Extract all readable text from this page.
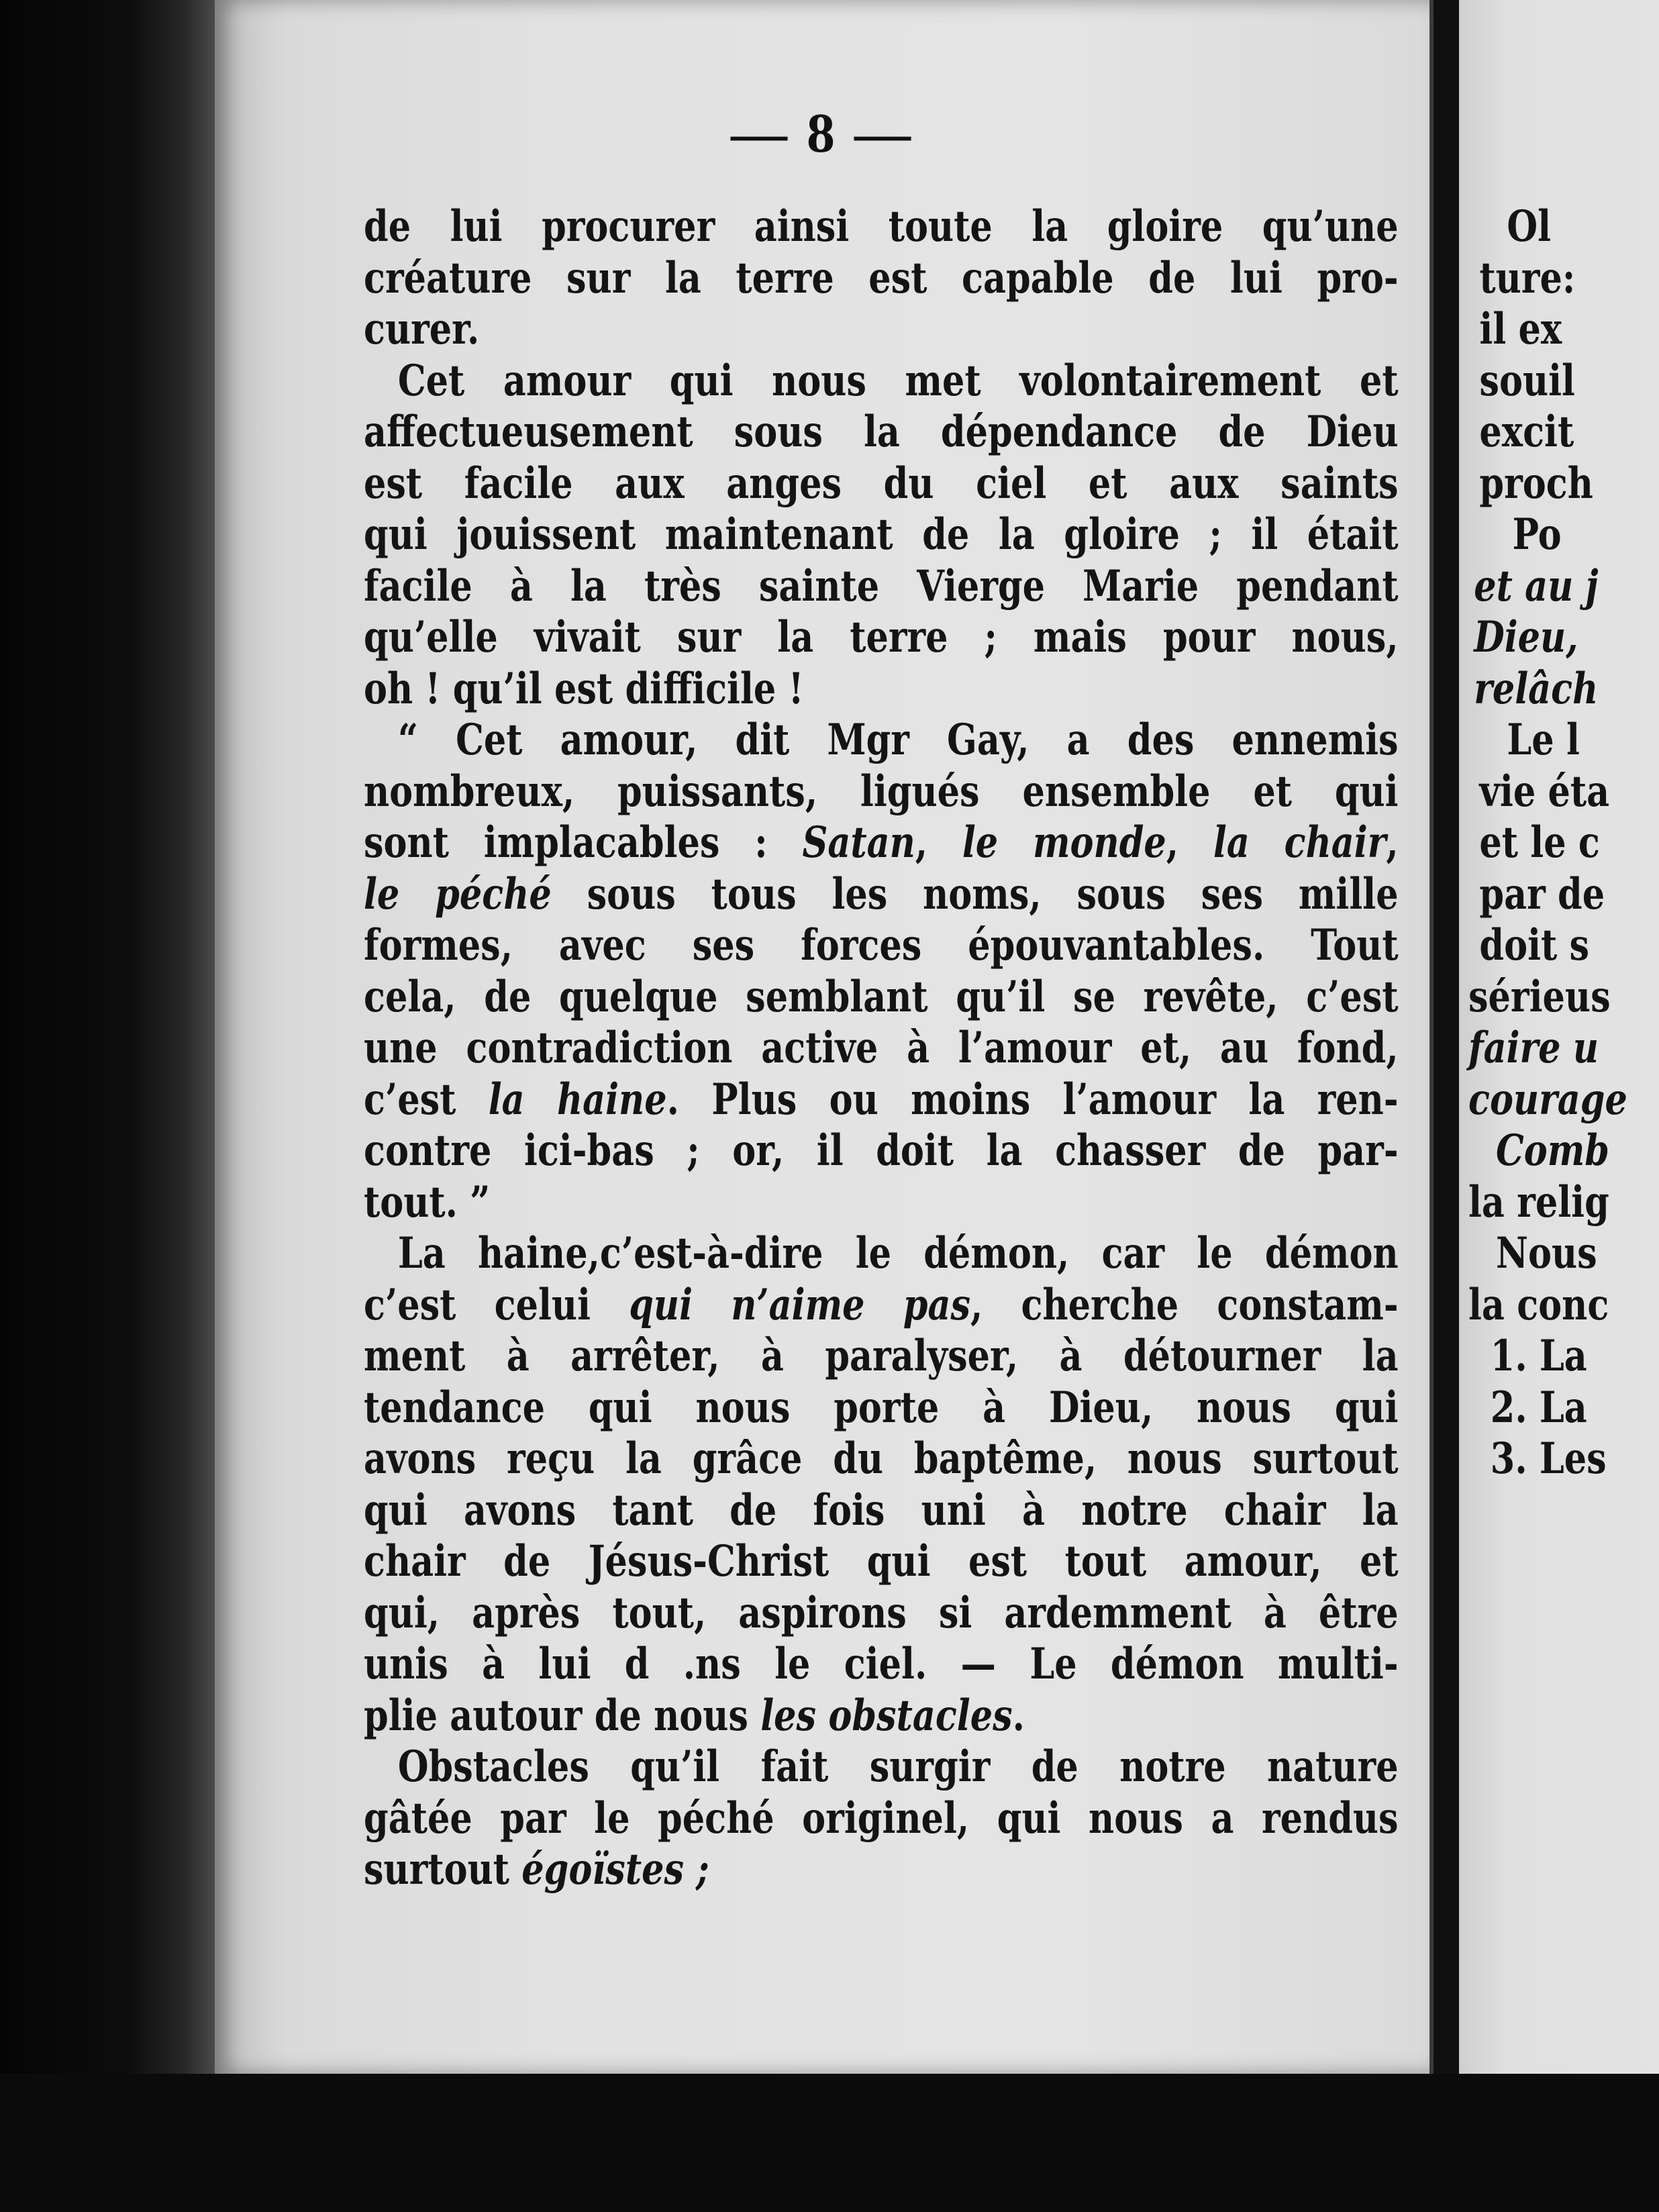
— 8 —
de lui procurer ainsi toute la gloire qu’une
créature sur la terre est capable de lui pro-
curer.
Cet amour qui nous met volontairement et
affectueusement sous la dépendance de Dieu
est facile aux anges du ciel et aux saints
qui jouissent maintenant de la gloire ; il était
facile à la très sainte Vierge Marie pendant
qu’elle vivait sur la terre ; mais pour nous,
oh ! qu’il est difficile !
“ Cet amour, dit Mgr Gay, a des ennemis
nombreux, puissants, ligués ensemble et qui
sont implacables : Satan, le monde, la chair,
le péché sous tous les noms, sous ses mille
formes, avec ses forces épouvantables. Tout
cela, de quelque semblant qu’il se revête, c’est
une contradiction active à l’amour et, au fond,
c’est la haine. Plus ou moins l’amour la ren-
contre ici-bas ; or, il doit la chasser de par-
tout. ”
La haine,c’est-à-dire le démon, car le démon
c’est celui qui n’aime pas, cherche constam-
ment à arrêter, à paralyser, à détourner la
tendance qui nous porte à Dieu, nous qui
avons reçu la grâce du baptême, nous surtout
qui avons tant de fois uni à notre chair la
chair de Jésus-Christ qui est tout amour, et
qui, après tout, aspirons si ardemment à être
unis à lui d .ns le ciel. — Le démon multi-
plie autour de nous les obstacles.
Obstacles qu’il fait surgir de notre nature
gâtée par le péché originel, qui nous a rendus
surtout égoïstes ;
Ol
ture:
il ex
souil
excit
proch
Po
et au j
Dieu,
relâch
Le l
vie éta
et le c
par de
doit s
sérieus
faire u
courage
Comb
la relig
Nous
la conc
1. La
2. La
3. Les
